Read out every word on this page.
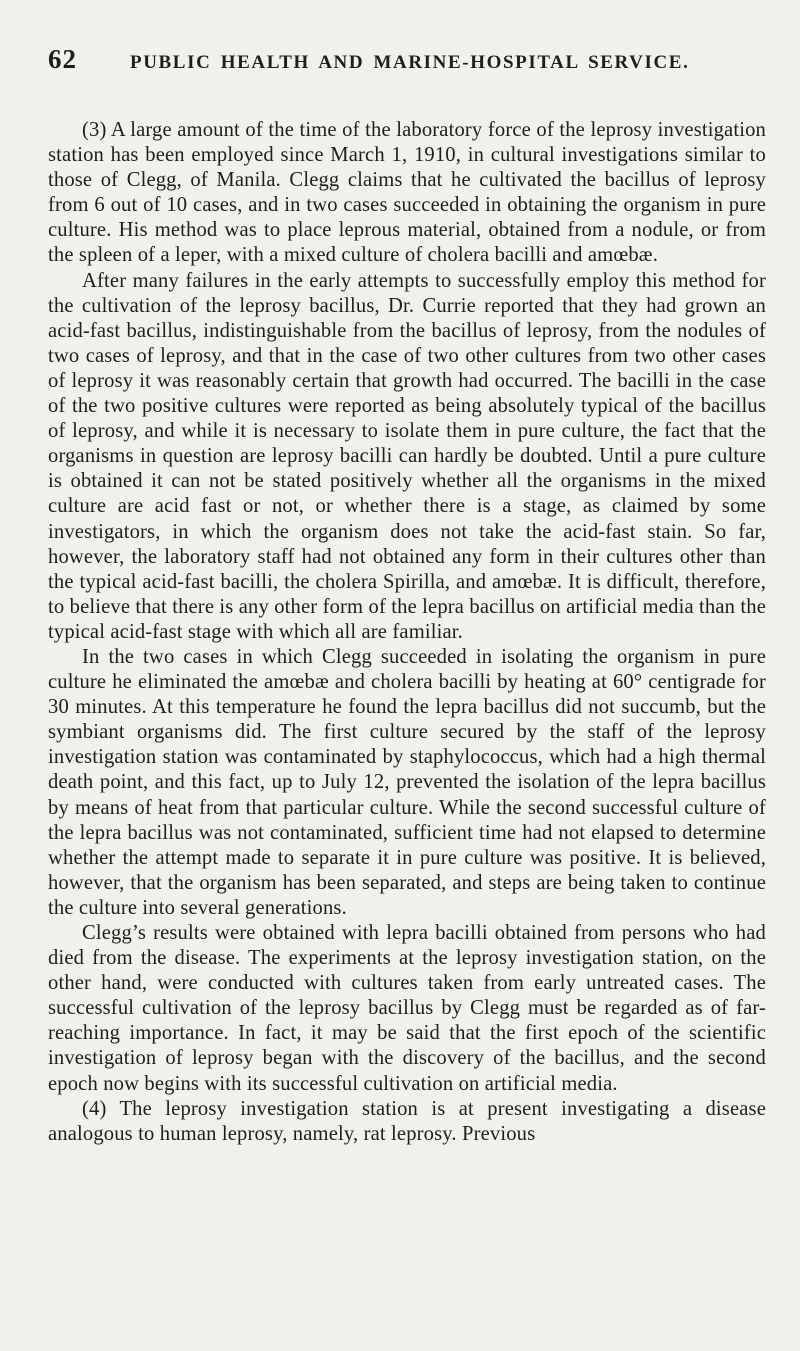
62	PUBLIC HEALTH AND MARINE-HOSPITAL SERVICE.

(3) A large amount of the time of the laboratory force of the leprosy investigation station has been employed since March 1, 1910, in cultural investigations similar to those of Clegg, of Manila. Clegg claims that he cultivated the bacillus of leprosy from 6 out of 10 cases, and in two cases succeeded in obtaining the organism in pure culture. His method was to place leprous material, obtained from a nodule, or from the spleen of a leper, with a mixed culture of cholera bacilli and amœbæ.

After many failures in the early attempts to successfully employ this method for the cultivation of the leprosy bacillus, Dr. Currie reported that they had grown an acid-fast bacillus, indistinguishable from the bacillus of leprosy, from the nodules of two cases of leprosy, and that in the case of two other cultures from two other cases of leprosy it was reasonably certain that growth had occurred. The bacilli in the case of the two positive cultures were reported as being absolutely typical of the bacillus of leprosy, and while it is necessary to isolate them in pure culture, the fact that the organisms in question are leprosy bacilli can hardly be doubted. Until a pure culture is obtained it can not be stated positively whether all the organisms in the mixed culture are acid fast or not, or whether there is a stage, as claimed by some investigators, in which the organism does not take the acid-fast stain. So far, however, the laboratory staff had not obtained any form in their cultures other than the typical acid-fast bacilli, the cholera Spirilla, and amœbæ. It is difficult, therefore, to believe that there is any other form of the lepra bacillus on artificial media than the typical acid-fast stage with which all are familiar.

In the two cases in which Clegg succeeded in isolating the organism in pure culture he eliminated the amœbæ and cholera bacilli by heating at 60° centigrade for 30 minutes. At this temperature he found the lepra bacillus did not succumb, but the symbiant organisms did. The first culture secured by the staff of the leprosy investigation station was contaminated by staphylococcus, which had a high thermal death point, and this fact, up to July 12, prevented the isolation of the lepra bacillus by means of heat from that particular culture. While the second successful culture of the lepra bacillus was not contaminated, sufficient time had not elapsed to determine whether the attempt made to separate it in pure culture was positive. It is believed, however, that the organism has been separated, and steps are being taken to continue the culture into several generations.

Clegg’s results were obtained with lepra bacilli obtained from persons who had died from the disease. The experiments at the leprosy investigation station, on the other hand, were conducted with cultures taken from early untreated cases. The successful cultivation of the leprosy bacillus by Clegg must be regarded as of far-reaching importance. In fact, it may be said that the first epoch of the scientific investigation of leprosy began with the discovery of the bacillus, and the second epoch now begins with its successful cultivation on artificial media.

(4) The leprosy investigation station is at present investigating a disease analogous to human leprosy, namely, rat leprosy. Previous
